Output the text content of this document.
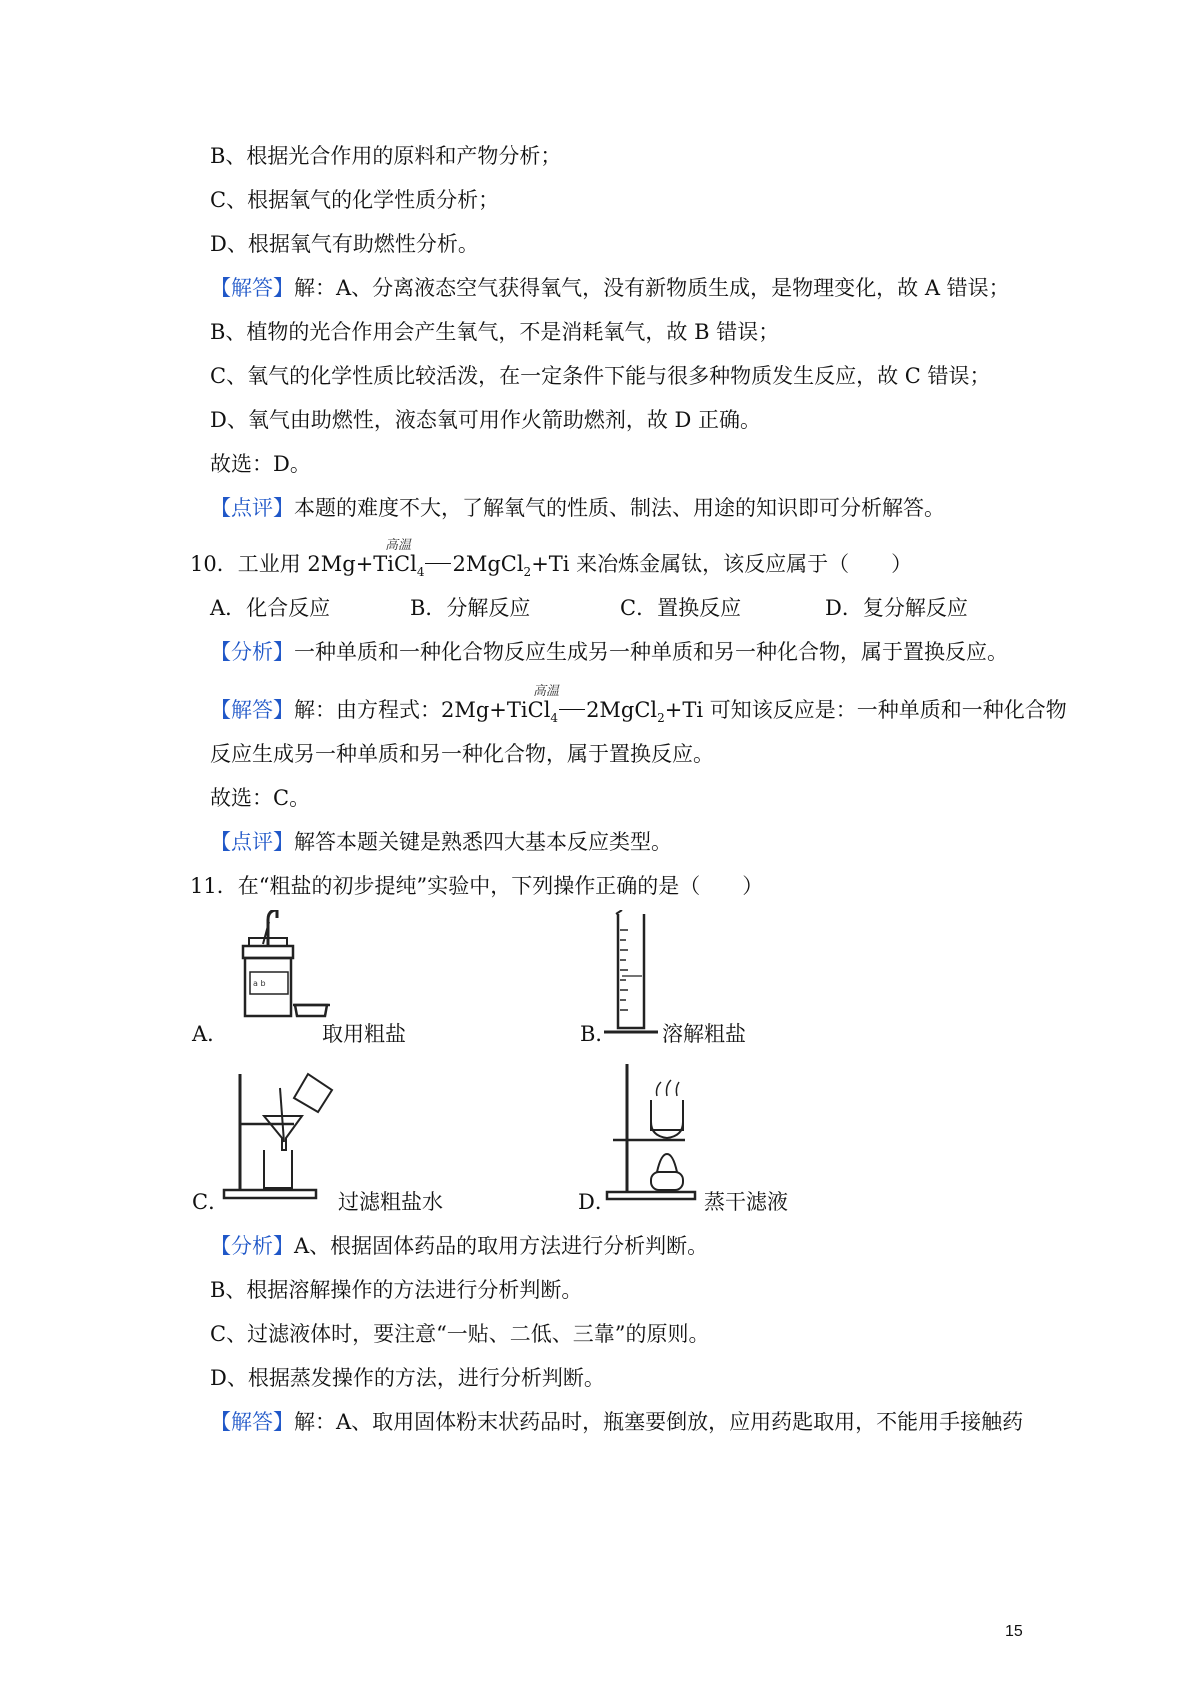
B、根据光合作用的原料和产物分析；
C、根据氧气的化学性质分析；
D、根据氧气有助燃性分析。
【解答】解：A、分离液态空气获得氧气，没有新物质生成，是物理变化，故 A 错误；
B、植物的光合作用会产生氧气，不是消耗氧气，故 B 错误；
C、氧气的化学性质比较活泼，在一定条件下能与很多种物质发生反应，故 C 错误；
D、氧气由助燃性，液态氧可用作火箭助燃剂，故 D 正确。
故选：D。
【点评】本题的难度不大，了解氧气的性质、制法、用途的知识即可分析解答。
高温
10．工业用 2Mg+TiCl$_4$ 2MgCl$_2$+Ti 来冶炼金属钛，该反应属于（　　）
A．化合反应	B．分解反应	C．置换反应	D．复分解反应
【分析】一种单质和一种化合物反应生成另一种单质和另一种化合物，属于置换反应。
高温
【解答】解：由方程式：2Mg+TiCl$_4$ 2MgCl$_2$+Ti 可知该反应是：一种单质和一种化合物
反应生成另一种单质和另一种化合物，属于置换反应。
故选：C。
【点评】解答本题关键是熟悉四大基本反应类型。
11．在“粗盐的初步提纯”实验中，下列操作正确的是（　　）
a b
A．	取用粗盐	B． 溶解粗盐
C．	过滤粗盐水	D．	蒸干滤液
【分析】A、根据固体药品的取用方法进行分析判断。
B、根据溶解操作的方法进行分析判断。
C、过滤液体时，要注意“一贴、二低、三靠”的原则。
D、根据蒸发操作的方法，进行分析判断。
【解答】解：A、取用固体粉末状药品时，瓶塞要倒放，应用药匙取用，不能用手接触药
15
